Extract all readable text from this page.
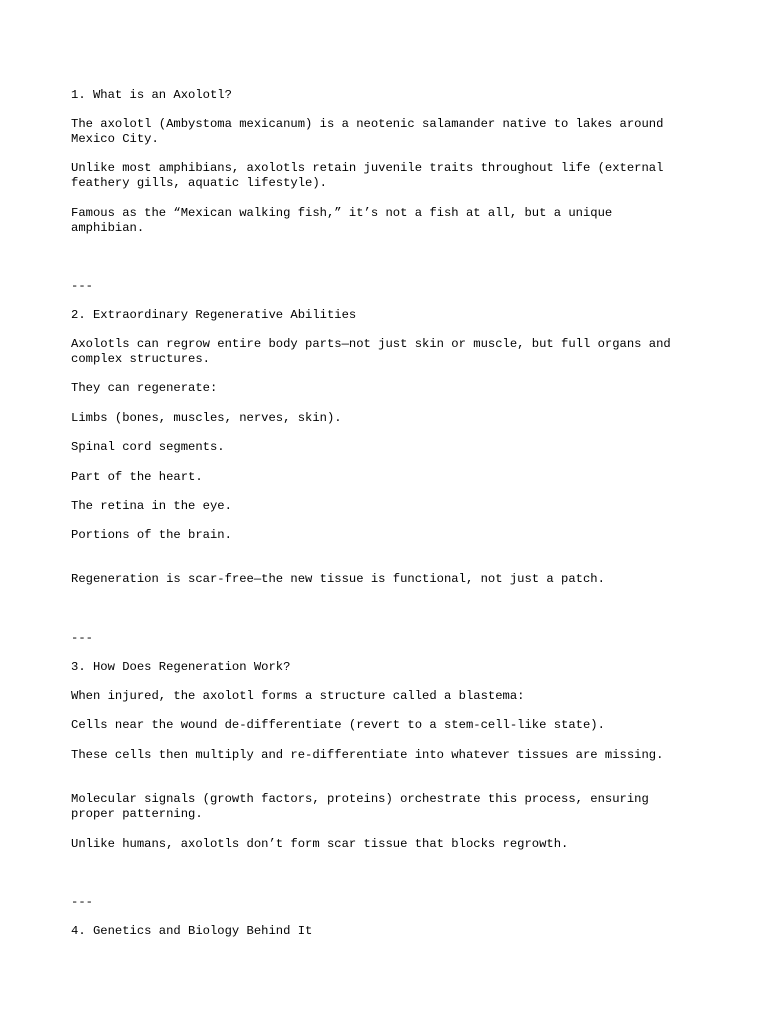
1. What is an Axolotl?

The axolotl (Ambystoma mexicanum) is a neotenic salamander native to lakes around

Mexico City.

Unlike most amphibians, axolotls retain juvenile traits throughout life (external

feathery gills, aquatic lifestyle).

Famous as the “Mexican walking fish,” it’s not a fish at all, but a unique

amphibian.

---

2. Extraordinary Regenerative Abilities

Axolotls can regrow entire body parts—not just skin or muscle, but full organs and

complex structures.

They can regenerate:

Limbs (bones, muscles, nerves, skin).

Spinal cord segments.

Part of the heart.

The retina in the eye.

Portions of the brain.

Regeneration is scar-free—the new tissue is functional, not just a patch.

---

3. How Does Regeneration Work?

When injured, the axolotl forms a structure called a blastema:

Cells near the wound de-differentiate (revert to a stem-cell-like state).

These cells then multiply and re-differentiate into whatever tissues are missing.

Molecular signals (growth factors, proteins) orchestrate this process, ensuring

proper patterning.

Unlike humans, axolotls don’t form scar tissue that blocks regrowth.

---

4. Genetics and Biology Behind It
